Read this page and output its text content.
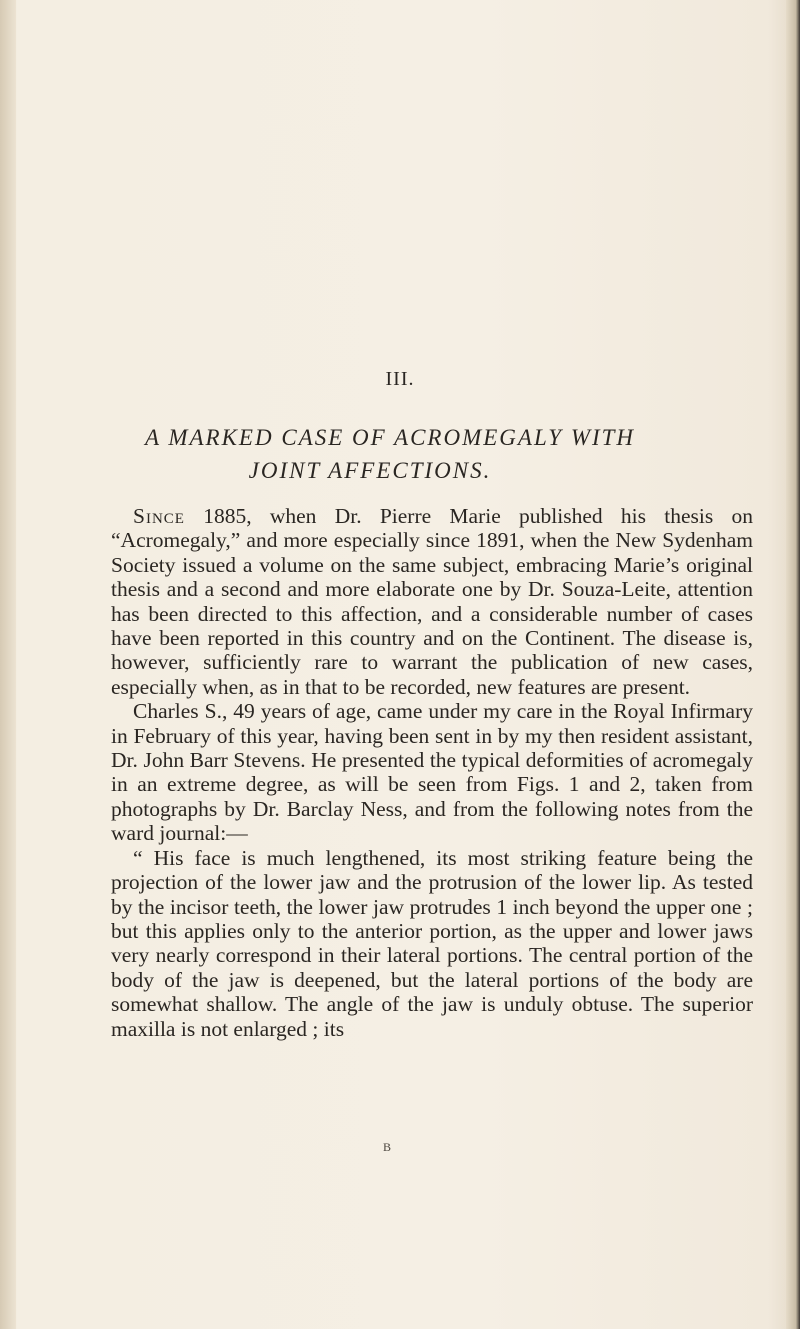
III.
A MARKED CASE OF ACROMEGALY WITH
JOINT AFFECTIONS.

Since 1885, when Dr. Pierre Marie published his thesis on “Acromegaly,” and more especially since 1891, when the New Sydenham Society issued a volume on the same subject, embracing Marie’s original thesis and a second and more elaborate one by Dr. Souza-Leite, attention has been directed to this affection, and a considerable number of cases have been reported in this country and on the Continent. The disease is, however, sufficiently rare to warrant the publication of new cases, especially when, as in that to be recorded, new features are present.

Charles S., 49 years of age, came under my care in the Royal Infirmary in February of this year, having been sent in by my then resident assistant, Dr. John Barr Stevens. He presented the typical deformities of acromegaly in an extreme degree, as will be seen from Figs. 1 and 2, taken from photographs by Dr. Barclay Ness, and from the following notes from the ward journal:—

“ His face is much lengthened, its most striking feature being the projection of the lower jaw and the protrusion of the lower lip. As tested by the incisor teeth, the lower jaw protrudes 1 inch beyond the upper one ; but this applies only to the anterior portion, as the upper and lower jaws very nearly correspond in their lateral portions. The central portion of the body of the jaw is deepened, but the lateral portions of the body are somewhat shallow. The angle of the jaw is unduly obtuse. The superior maxilla is not enlarged ; its

B
